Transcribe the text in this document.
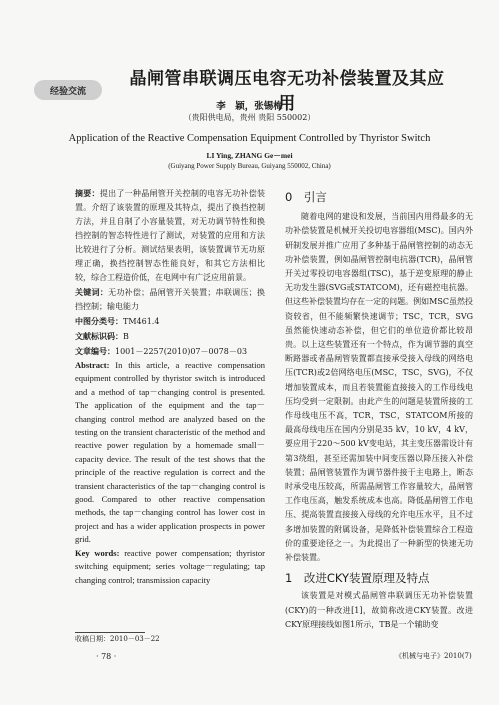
经验交流
晶闸管串联调压电容无功补偿装置及其应用
李　颖，张锡梅
（贵阳供电局，贵州 贵阳 550002）
Application of the Reactive Compensation Equipment Controlled by Thyristor Switch
LI Ying, ZHANG Ge－mei
(Guiyang Power Supply Bureau, Guiyang 550002, China)

摘要：提出了一种晶闸管开关控制的电容无功补偿装置。介绍了该装置的原理及其特点，提出了换挡控制方法，并且自制了小容量装置，对无功调节特性和换挡控制的智态特性进行了测试，对装置的应用和方法比较进行了分析。测试结果表明，该装置调节无功原理正确，换挡控制智态性能良好，和其它方法相比较，综合工程造价低，在电网中有广泛应用前景。

关键词：无功补偿；晶闸管开关装置；串联调压；换挡控制；输电能力

中图分类号：TM461.4

文献标识码：B

文章编号：1001－2257(2010)07－0078－03

Abstract: In this article, a reactive compensation equipment controlled by thyristor switch is introduced and a method of tap－changing control is presented. The application of the equipment and the tap－changing control method are analyzed based on the testing on the transient characteristic of the method and reactive power regulation by a homemade small－capacity device. The result of the test shows that the principle of the reactive regulation is correct and the transient characteristics of the tap－changing control is good. Compared to other reactive compensation methods, the tap－changing control has lower cost in project and has a wider application prospects in power grid.

Key words: reactive power compensation; thyristor switching equipment; series voltage－regulating; tap changing control; transmission capacity

0　引言

随着电网的建设和发展，当前国内用得最多的无功补偿装置是机械开关投切电容器组(MSC)。国内外研制发展并推广应用了多种基于晶闸管控制的动态无功补偿装置，例如晶闸管控制电抗器(TCR)，晶闸管开关过零投切电容器组(TSC)，基于逆变原理的静止无功发生器(SVG或STATCOM)，还有磁控电抗器。但这些补偿装置均存在一定的问题。例如MSC虽然投资较省，但不能频繁快速调节；TSC，TCR，SVG虽然能快速动态补偿，但它们的单位造价都比较昂贵。以上这些装置还有一个特点，作为调节器的真空断路器或者晶闸管装置都直接承受接入母线的网络电压(TCR)或2倍网络电压(MSC，TSC，SVG)，不仅增加装置成本，而且若装置能直接接入的工作母线电压均受到一定限制。由此产生的问题是装置所接的工作母线电压不高，TCR，TSC，STATCOM所接的最高母线电压在国内分别是35 kV，10 kV，4 kV，要应用于220～500 kV变电站，其主变压器需设计有第3绕组，甚至还需加装中间变压器以降压接入补偿装置；晶闸管装置作为调节器件接于主电路上，断态时承受电压较高，所需晶闸管工作容量较大，晶闸管工作电压高，触发系统成本也高。降低晶闸管工作电压、提高装置直接接入母线的允许电压水平，且不过多增加装置的附属设备，是降低补偿装置综合工程造价的重要途径之一。为此提出了一种新型的快速无功补偿装置。

1　改进CKY装置原理及特点

该装置是对模式晶闸管串联调压无功补偿装置(CKY)的一种改进[1]，故简称改进CKY装置。改进CKY原理接线如图1所示，TB是一个辅助变

收稿日期：2010－03－22
· 78 ·	《机械与电子》2010(7)
